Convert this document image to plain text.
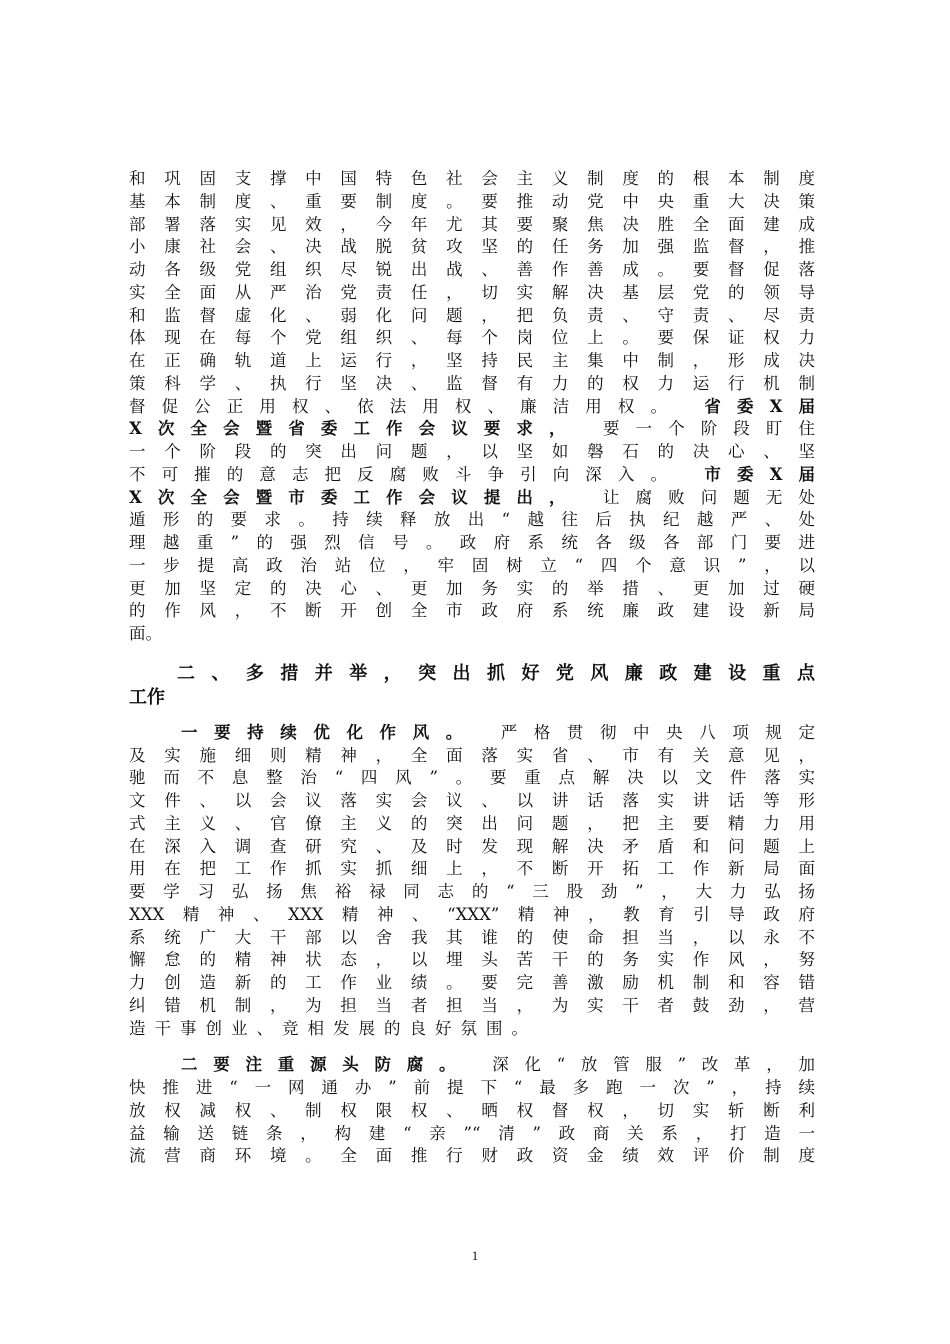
和巩固支撑中国特色社会主义制度的根本制度
基本制度、重要制度。要推动党中央重大决策
部署落实见效，今年尤其要聚焦决胜全面建成
小康社会、决战脱贫攻坚的任务加强监督，推
动各级党组织尽锐出战、善作善成。要督促落
实全面从严治党责任，切实解决基层党的领导
和监督虚化、弱化问题，把负责、守责、尽责
体现在每个党组织、每个岗位上。要保证权力
在正确轨道上运行，坚持民主集中制，形成决
策科学、执行坚决、监督有力的权力运行机制
督促公正用权、依法用权、廉洁用权。 省委X届
X次全会暨省委工作会议要求， 要一个阶段盯住
一个阶段的突出问题，以坚如磐石的决心、坚
不可摧的意志把反腐败斗争引向深入。 市委X届
X次全会暨市委工作会议提出， 让腐败问题无处
遁形的要求。持续释放出“越往后执纪越严、处
理越重”的强烈信号。政府系统各级各部门要进
一步提高政治站位，牢固树立“四个意识”，以
更加坚定的决心、更加务实的举措、更加过硬
的作风，不断开创全市政府系统廉政建设新局
面。
二、多措并举，突出抓好党风廉政建设重点
工作
一要持续优化作风。 严格贯彻中央八项规定
及实施细则精神，全面落实省、市有关意见，
驰而不息整治“四风”。要重点解决以文件落实
文件、以会议落实会议、以讲话落实讲话等形
式主义、官僚主义的突出问题，把主要精力用
在深入调查研究、及时发现解决矛盾和问题上
用在把工作抓实抓细上，不断开拓工作新局面
要学习弘扬焦裕禄同志的“三股劲”，大力弘扬
XXX精神、XXX精神、“XXX”精神，教育引导政府
系统广大干部以舍我其谁的使命担当，以永不
懈怠的精神状态，以埋头苦干的务实作风，努
力创造新的工作业绩。要完善激励机制和容错
纠错机制，为担当者担当，为实干者鼓劲，营
造干事创业、竞相发展的良好氛围。
二要注重源头防腐。 深化“放管服”改革，加
快推进“一网通办”前提下“最多跑一次”，持续
放权减权、制权限权、晒权督权，切实斩断利
益输送链条，构建“亲”“清”政商关系，打造一
流营商环境。全面推行财政资金绩效评价制度
1
